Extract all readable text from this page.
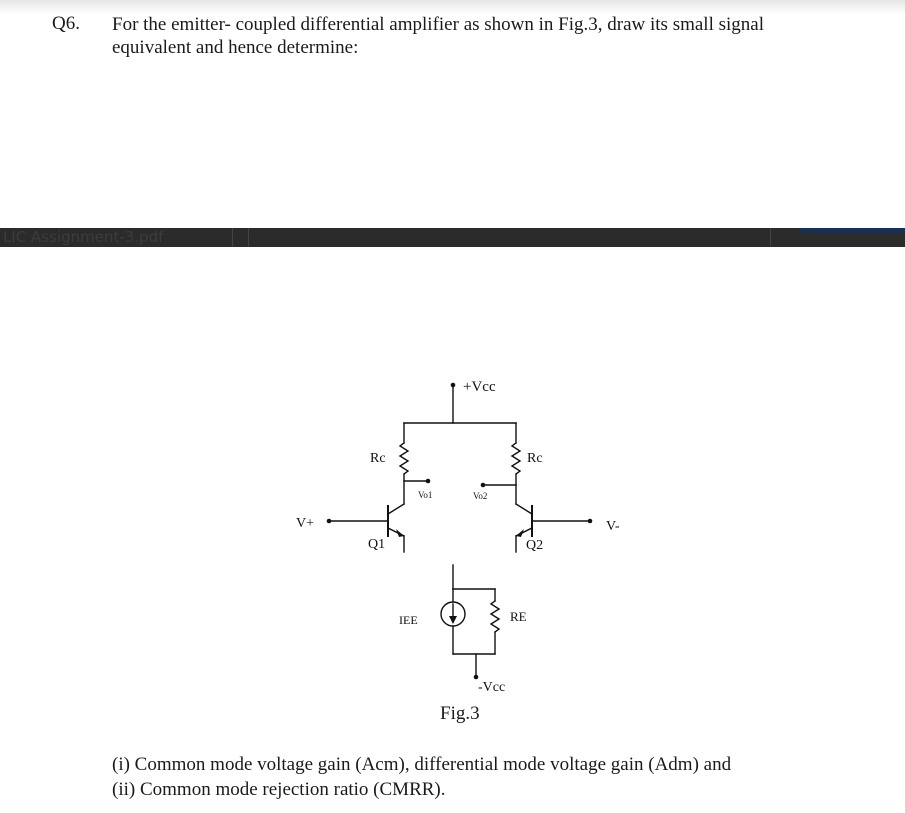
Q6. For the emitter- coupled differential amplifier as shown in Fig.3, draw its small signal
equivalent and hence determine:
LIC Assignment-3.pdf
+Vcc
Rc	Rc
Vo1	Vo2
V+	V-
Q1	Q2
IEE	RE
-Vcc
Fig.3
(i) Common mode voltage gain (Acm), differential mode voltage gain (Adm) and
(ii) Common mode rejection ratio (CMRR).
